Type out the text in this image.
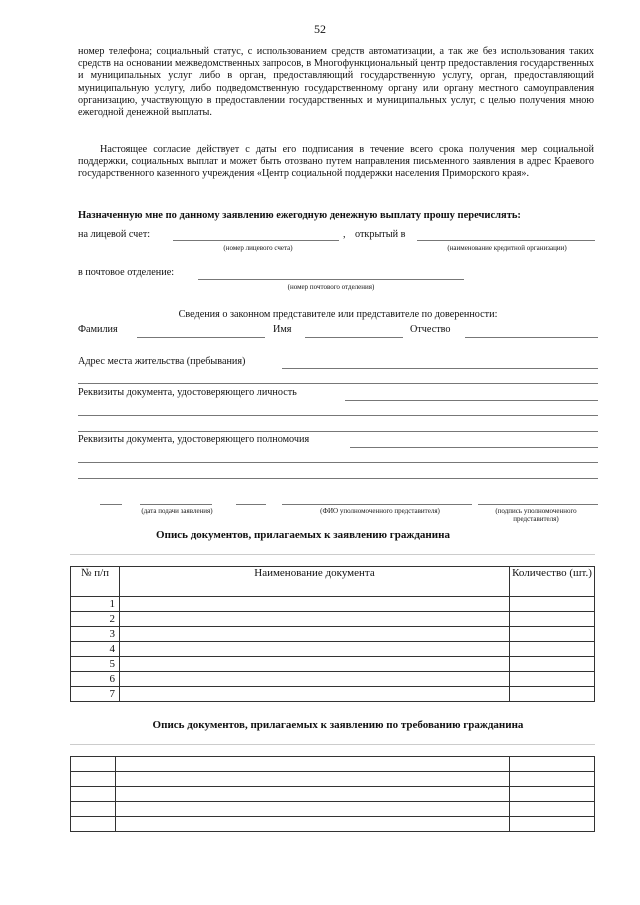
52

номер телефона; социальный статус, с использованием средств автоматизации, а так же без использования таких средств на основании межведомственных запросов, в Многофункциональный центр предоставления государственных и муниципальных услуг либо в орган, предоставляющий государственную услугу, орган, предоставляющий муниципальную услугу, либо подведомственную государственному органу или органу местного самоуправления организацию, участвующую в предоставлении государственных и муниципальных услуг, с целью получения мною ежегодной денежной выплаты.

Настоящее согласие действует с даты его подписания в течение всего срока получения мер социальной поддержки, социальных выплат и может быть отозвано путем направления письменного заявления в адрес Краевого государственного казенного учреждения «Центр социальной поддержки населения Приморского края».

Назначенную мне по данному заявлению ежегодную денежную выплату прошу перечислять:
на лицевой счет:	, открытый в
(номер лицевого счета)	(наименование кредитной организации)
в почтовое отделение:
(номер почтового отделения)
Сведения о законном представителе или представителе по доверенности:
Фамилия	Имя	Отчество
Адрес места жительства (пребывания)
Реквизиты документа, удостоверяющего личность
Реквизиты документа, удостоверяющего полномочия
(дата подачи заявления)	(ФИО уполномоченного представителя)	(подпись уполномоченного представителя)
Опись документов, прилагаемых к заявлению гражданина
№ п/п	Наименование документа	Количество (шт.)
1		
2		
3		
4		
5		
6		
7		
Опись документов, прилагаемых к заявлению по требованию гражданина
